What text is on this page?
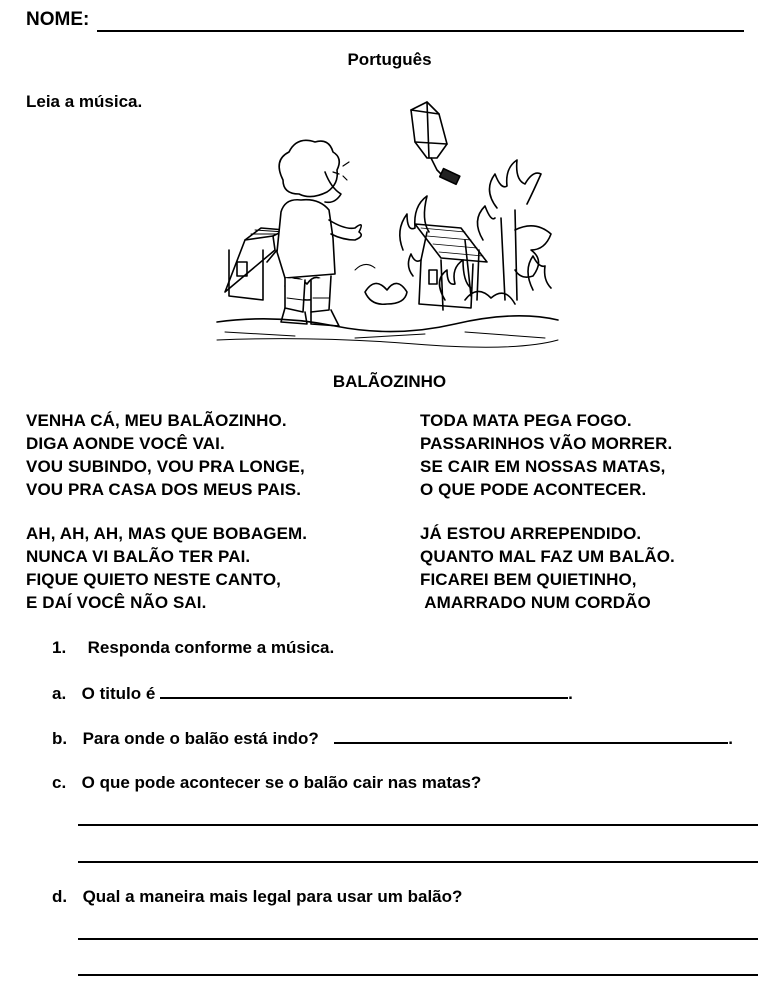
NOME:
Português
Leia a música.
BALÃOZINHO
VENHA CÁ, MEU BALÃOZINHO.
DIGA AONDE VOCÊ VAI.
VOU SUBINDO, VOU PRA LONGE,
VOU PRA CASA DOS MEUS PAIS.
AH, AH, AH, MAS QUE BOBAGEM.
NUNCA VI BALÃO TER PAI.
FIQUE QUIETO NESTE CANTO,
E DAÍ VOCÊ NÃO SAI.
TODA MATA PEGA FOGO.
PASSARINHOS VÃO MORRER.
SE CAIR EM NOSSAS MATAS,
O QUE PODE ACONTECER.
JÁ ESTOU ARREPENDIDO.
QUANTO MAL FAZ UM BALÃO.
FICAREI BEM QUIETINHO,
AMARRADO NUM CORDÃO
1. Responda conforme a música.
a. O titulo é	.
b. Para onde o balão está indo?	.
c. O que pode acontecer se o balão cair nas matas?
d. Qual a maneira mais legal para usar um balão?
